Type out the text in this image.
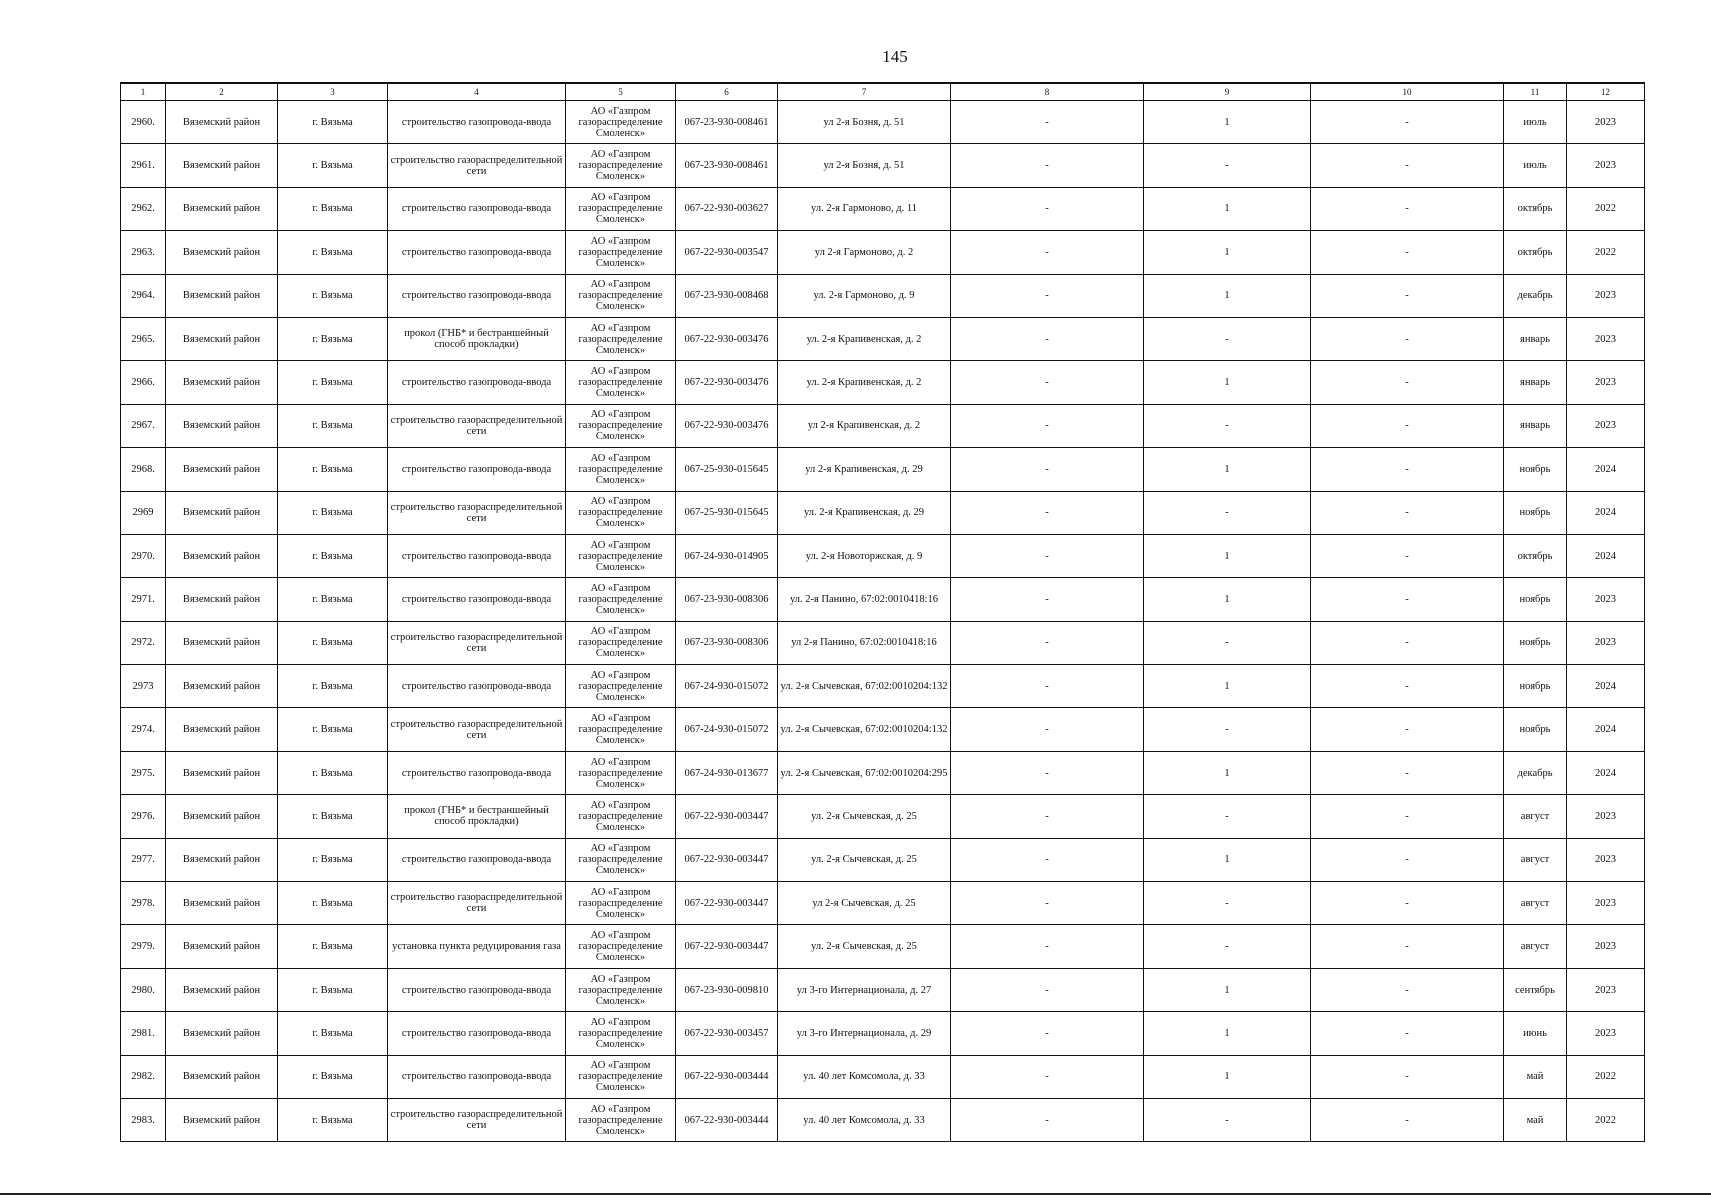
145
1	2	3	4	5	6	7	8	9	10	11	12
2960.	Вяземский район	г. Вязьма	строительство газопровода-ввода	АО «Газпром газораспределение Смоленск»	067-23-930-008461	ул 2-я Бозня, д. 51	-	1	-	июль	2023
2961.	Вяземский район	г. Вязьма	строительство газораспределительной сети	АО «Газпром газораспределение Смоленск»	067-23-930-008461	ул 2-я Бозня, д. 51	-	-	-	июль	2023
2962.	Вяземский район	г. Вязьма	строительство газопровода-ввода	АО «Газпром газораспределение Смоленск»	067-22-930-003627	ул. 2-я Гармоново, д. 11	-	1	-	октябрь	2022
2963.	Вяземский район	г. Вязьма	строительство газопровода-ввода	АО «Газпром газораспределение Смоленск»	067-22-930-003547	ул 2-я Гармоново, д. 2	-	1	-	октябрь	2022
2964.	Вяземский район	г. Вязьма	строительство газопровода-ввода	АО «Газпром газораспределение Смоленск»	067-23-930-008468	ул. 2-я Гармоново, д. 9	-	1	-	декабрь	2023
2965.	Вяземский район	г. Вязьма	прокол (ГНБ* и бестраншейный способ прокладки)	АО «Газпром газораспределение Смоленск»	067-22-930-003476	ул. 2-я Крапивенская, д. 2	-	-	-	январь	2023
2966.	Вяземский район	г. Вязьма	строительство газопровода-ввода	АО «Газпром газораспределение Смоленск»	067-22-930-003476	ул. 2-я Крапивенская, д. 2	-	1	-	январь	2023
2967.	Вяземский район	г. Вязьма	строительство газораспределительной сети	АО «Газпром газораспределение Смоленск»	067-22-930-003476	ул 2-я Крапивенская, д. 2	-	-	-	январь	2023
2968.	Вяземский район	г. Вязьма	строительство газопровода-ввода	АО «Газпром газораспределение Смоленск»	067-25-930-015645	ул 2-я Крапивенская, д. 29	-	1	-	ноябрь	2024
2969	Вяземский район	г. Вязьма	строительство газораспределительной сети	АО «Газпром газораспределение Смоленск»	067-25-930-015645	ул. 2-я Крапивенская, д. 29	-	-	-	ноябрь	2024
2970.	Вяземский район	г. Вязьма	строительство газопровода-ввода	АО «Газпром газораспределение Смоленск»	067-24-930-014905	ул. 2-я Новоторжская, д. 9	-	1	-	октябрь	2024
2971.	Вяземский район	г. Вязьма	строительство газопровода-ввода	АО «Газпром газораспределение Смоленск»	067-23-930-008306	ул. 2-я Панино, 67:02:0010418:16	-	1	-	ноябрь	2023
2972.	Вяземский район	г. Вязьма	строительство газораспределительной сети	АО «Газпром газораспределение Смоленск»	067-23-930-008306	ул 2-я Панино, 67:02:0010418:16	-	-	-	ноябрь	2023
2973	Вяземский район	г. Вязьма	строительство газопровода-ввода	АО «Газпром газораспределение Смоленск»	067-24-930-015072	ул. 2-я Сычевская, 67:02:0010204:132	-	1	-	ноябрь	2024
2974.	Вяземский район	г. Вязьма	строительство газораспределительной сети	АО «Газпром газораспределение Смоленск»	067-24-930-015072	ул. 2-я Сычевская, 67:02:0010204:132	-	-	-	ноябрь	2024
2975.	Вяземский район	г. Вязьма	строительство газопровода-ввода	АО «Газпром газораспределение Смоленск»	067-24-930-013677	ул. 2-я Сычевская, 67:02:0010204:295	-	1	-	декабрь	2024
2976.	Вяземский район	г. Вязьма	прокол (ГНБ* и бестраншейный способ прокладки)	АО «Газпром газораспределение Смоленск»	067-22-930-003447	ул. 2-я Сычевская, д. 25	-	-	-	август	2023
2977.	Вяземский район	г. Вязьма	строительство газопровода-ввода	АО «Газпром газораспределение Смоленск»	067-22-930-003447	ул. 2-я Сычевская, д. 25	-	1	-	август	2023
2978.	Вяземский район	г. Вязьма	строительство газораспределительной сети	АО «Газпром газораспределение Смоленск»	067-22-930-003447	ул 2-я Сычевская, д. 25	-	-	-	август	2023
2979.	Вяземский район	г. Вязьма	установка пункта редуцирования газа	АО «Газпром газораспределение Смоленск»	067-22-930-003447	ул. 2-я Сычевская, д. 25	-	-	-	август	2023
2980.	Вяземский район	г. Вязьма	строительство газопровода-ввода	АО «Газпром газораспределение Смоленск»	067-23-930-009810	ул 3-го Интернационала, д. 27	-	1	-	сентябрь	2023
2981.	Вяземский район	г. Вязьма	строительство газопровода-ввода	АО «Газпром газораспределение Смоленск»	067-22-930-003457	ул 3-го Интернационала, д. 29	-	1	-	июнь	2023
2982.	Вяземский район	г. Вязьма	строительство газопровода-ввода	АО «Газпром газораспределение Смоленск»	067-22-930-003444	ул. 40 лет Комсомола, д. 33	-	1	-	май	2022
2983.	Вяземский район	г. Вязьма	строительство газораспределительной сети	АО «Газпром газораспределение Смоленск»	067-22-930-003444	ул. 40 лет Комсомола, д. 33	-	-	-	май	2022
